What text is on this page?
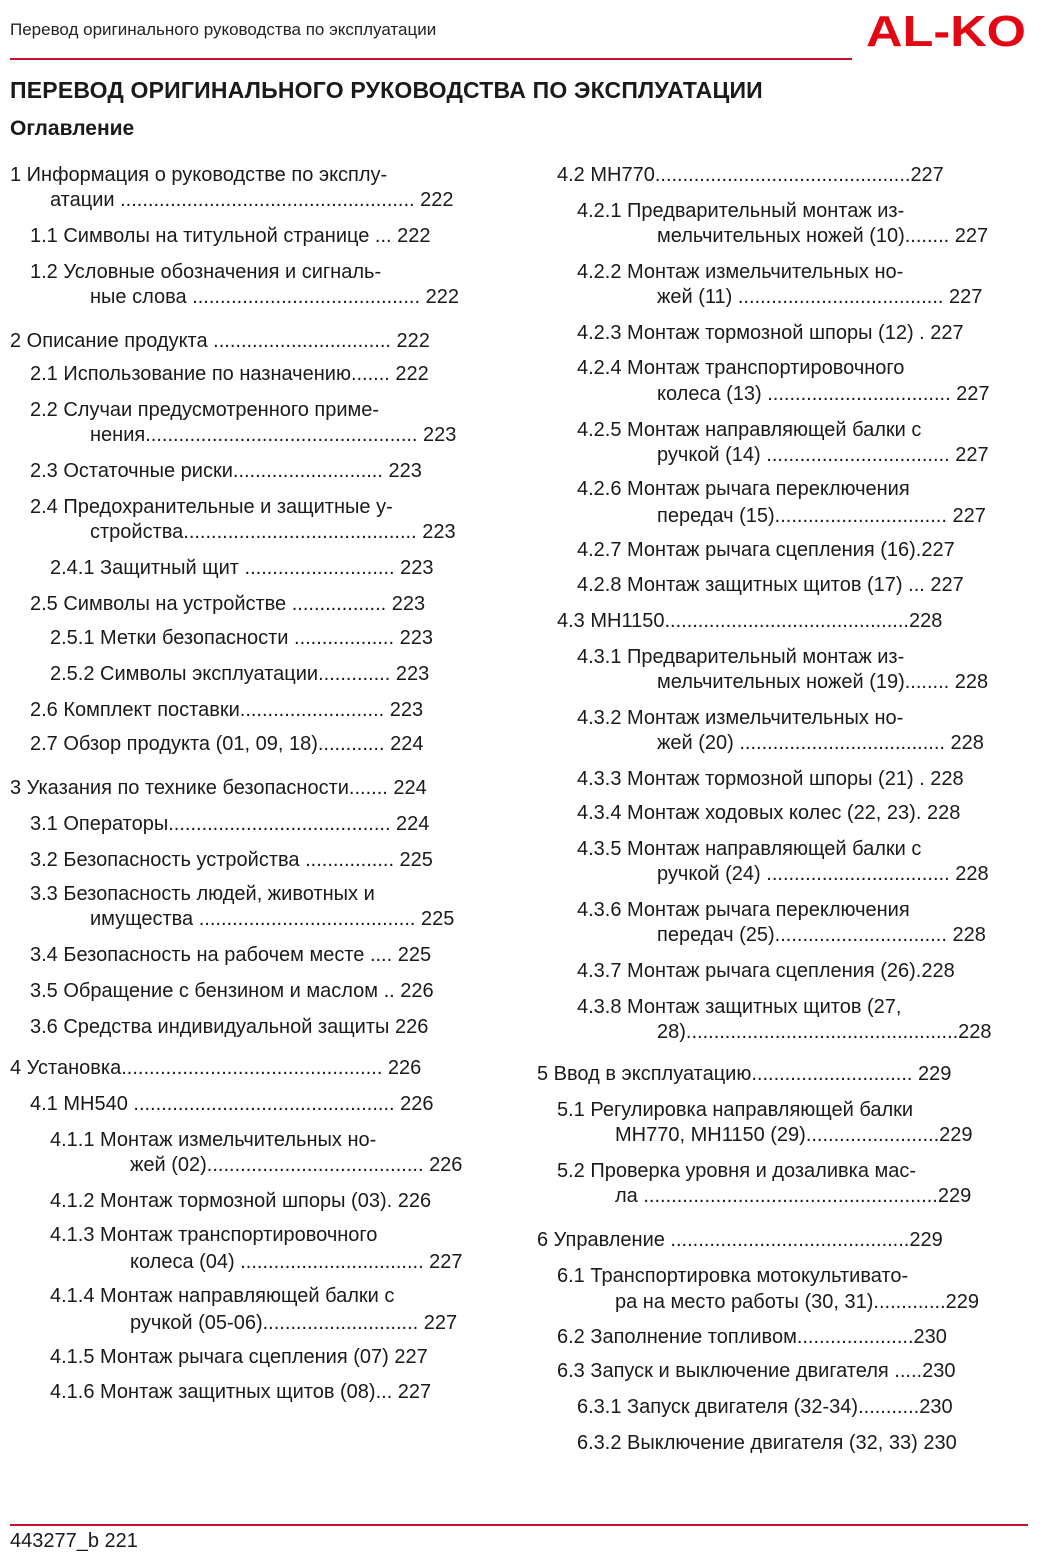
Перевод оригинального руководства по эксплуатации	AL-KO
ПЕРЕВОД ОРИГИНАЛЬНОГО РУКОВОДСТВА ПО ЭКСПЛУАТАЦИИ
Оглавление
1 Информация о руководстве по эксплу-
атации ..................................................... 222
1.1 Символы на титульной странице ... 222
1.2 Условные обозначения и сигналь-
ные слова ......................................... 222
2 Описание продукта ................................ 222
2.1 Использование по назначению....... 222
2.2 Случаи предусмотренного приме-
нения................................................. 223
2.3 Остаточные риски........................... 223
2.4 Предохранительные и защитные у-
стройства.......................................... 223
2.4.1 Защитный щит ........................... 223
2.5 Символы на устройстве ................. 223
2.5.1 Метки безопасности .................. 223
2.5.2 Символы эксплуатации............. 223
2.6 Комплект поставки.......................... 223
2.7 Обзор продукта (01, 09, 18)............ 224
3 Указания по технике безопасности....... 224
3.1 Операторы........................................ 224
3.2 Безопасность устройства ................ 225
3.3 Безопасность людей, животных и
имущества ....................................... 225
3.4 Безопасность на рабочем месте .... 225
3.5 Обращение с бензином и маслом .. 226
3.6 Средства индивидуальной защиты 226
4 Установка............................................... 226
4.1 MH540 ............................................... 226
4.1.1 Монтаж измельчительных но-
жей (02)....................................... 226
4.1.2 Монтаж тормозной шпоры (03). 226
4.1.3 Монтаж транспортировочного
колеса (04) ................................. 227
4.1.4 Монтаж направляющей балки с
ручкой (05-06)............................ 227
4.1.5 Монтаж рычага сцепления (07) 227
4.1.6 Монтаж защитных щитов (08)... 227
4.2 MH770..............................................227
4.2.1 Предварительный монтаж из-
мельчительных ножей (10)........ 227
4.2.2 Монтаж измельчительных но-
жей (11) ..................................... 227
4.2.3 Монтаж тормозной шпоры (12) . 227
4.2.4 Монтаж транспортировочного
колеса (13) ................................. 227
4.2.5 Монтаж направляющей балки с
ручкой (14) ................................. 227
4.2.6 Монтаж рычага переключения
передач (15)............................... 227
4.2.7 Монтаж рычага сцепления (16).227
4.2.8 Монтаж защитных щитов (17) ... 227
4.3 MH1150............................................228
4.3.1 Предварительный монтаж из-
мельчительных ножей (19)........ 228
4.3.2 Монтаж измельчительных но-
жей (20) ..................................... 228
4.3.3 Монтаж тормозной шпоры (21) . 228
4.3.4 Монтаж ходовых колес (22, 23). 228
4.3.5 Монтаж направляющей балки с
ручкой (24) ................................. 228
4.3.6 Монтаж рычага переключения
передач (25)............................... 228
4.3.7 Монтаж рычага сцепления (26).228
4.3.8 Монтаж защитных щитов (27,
28).................................................228
5 Ввод в эксплуатацию............................. 229
5.1 Регулировка направляющей балки
MH770, MH1150 (29)........................229
5.2 Проверка уровня и дозаливка мас-
ла .....................................................229
6 Управление ...........................................229
6.1 Транспортировка мотокультивато-
ра на место работы (30, 31).............229
6.2 Заполнение топливом.....................230
6.3 Запуск и выключение двигателя .....230
6.3.1 Запуск двигателя (32-34)...........230
6.3.2 Выключение двигателя (32, 33) 230
443277_b 221
